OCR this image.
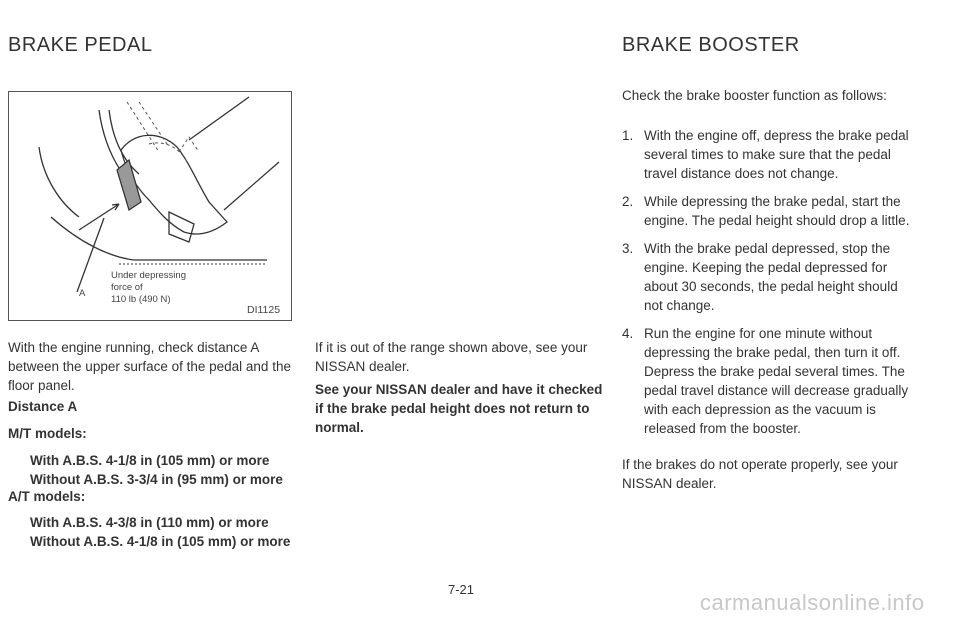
BRAKE PEDAL
Under depressing
force of
110 lb (490 N)
A
DI1125

With the engine running, check distance A between the upper surface of the pedal and the floor panel.

Distance A
M/T models:
With A.B.S. 4-1/8 in (105 mm) or more
Without A.B.S. 3-3/4 in (95 mm) or more
A/T models:
With A.B.S. 4-3/8 in (110 mm) or more
Without A.B.S. 4-1/8 in (105 mm) or more

If it is out of the range shown above, see your NISSAN dealer.

See your NISSAN dealer and have it checked if the brake pedal height does not return to normal.

BRAKE BOOSTER

Check the brake booster function as follows:

1. With the engine off, depress the brake pedal several times to make sure that the pedal travel distance does not change.
2. While depressing the brake pedal, start the engine. The pedal height should drop a little.
3. With the brake pedal depressed, stop the engine. Keeping the pedal depressed for about 30 seconds, the pedal height should not change.
4. Run the engine for one minute without depressing the brake pedal, then turn it off. Depress the brake pedal several times. The pedal travel distance will decrease gradually with each depression as the vacuum is released from the booster.

If the brakes do not operate properly, see your NISSAN dealer.

7-21
carmanualsonline.info
